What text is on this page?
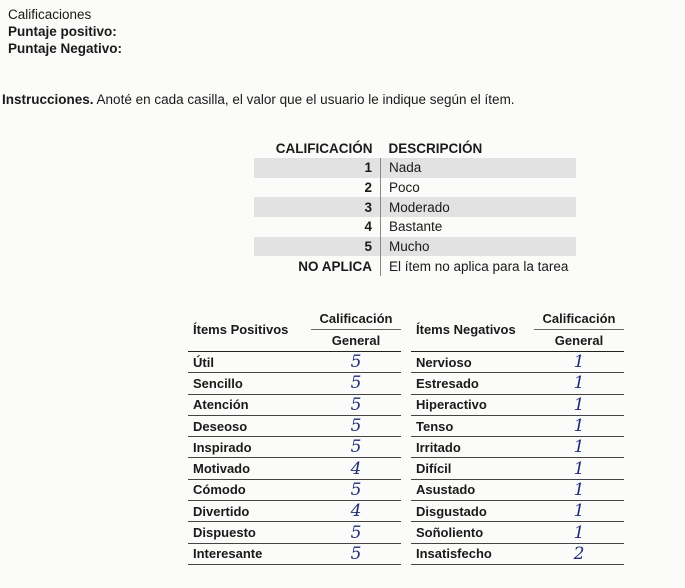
Calificaciones
Puntaje positivo:
Puntaje Negativo:
Instrucciones. Anoté en cada casilla, el valor que el usuario le indique según el ítem.
CALIFICACIÓN	DESCRIPCIÓN
1	Nada
2	Poco
3	Moderado
4	Bastante
5	Mucho
NO APLICA	El ítem no aplica para la tarea
Ítems Positivos	Calificación		Ítems Negativos	Calificación
	General			General
Útil	5		Nervioso	1
Sencillo	5		Estresado	1
Atención	5		Hiperactivo	1
Deseoso	5		Tenso	1
Inspirado	5		Irritado	1
Motivado	4		Difícil	1
Cómodo	5		Asustado	1
Divertido	4		Disgustado	1
Dispuesto	5		Soñoliento	1
Interesante	5		Insatisfecho	2
